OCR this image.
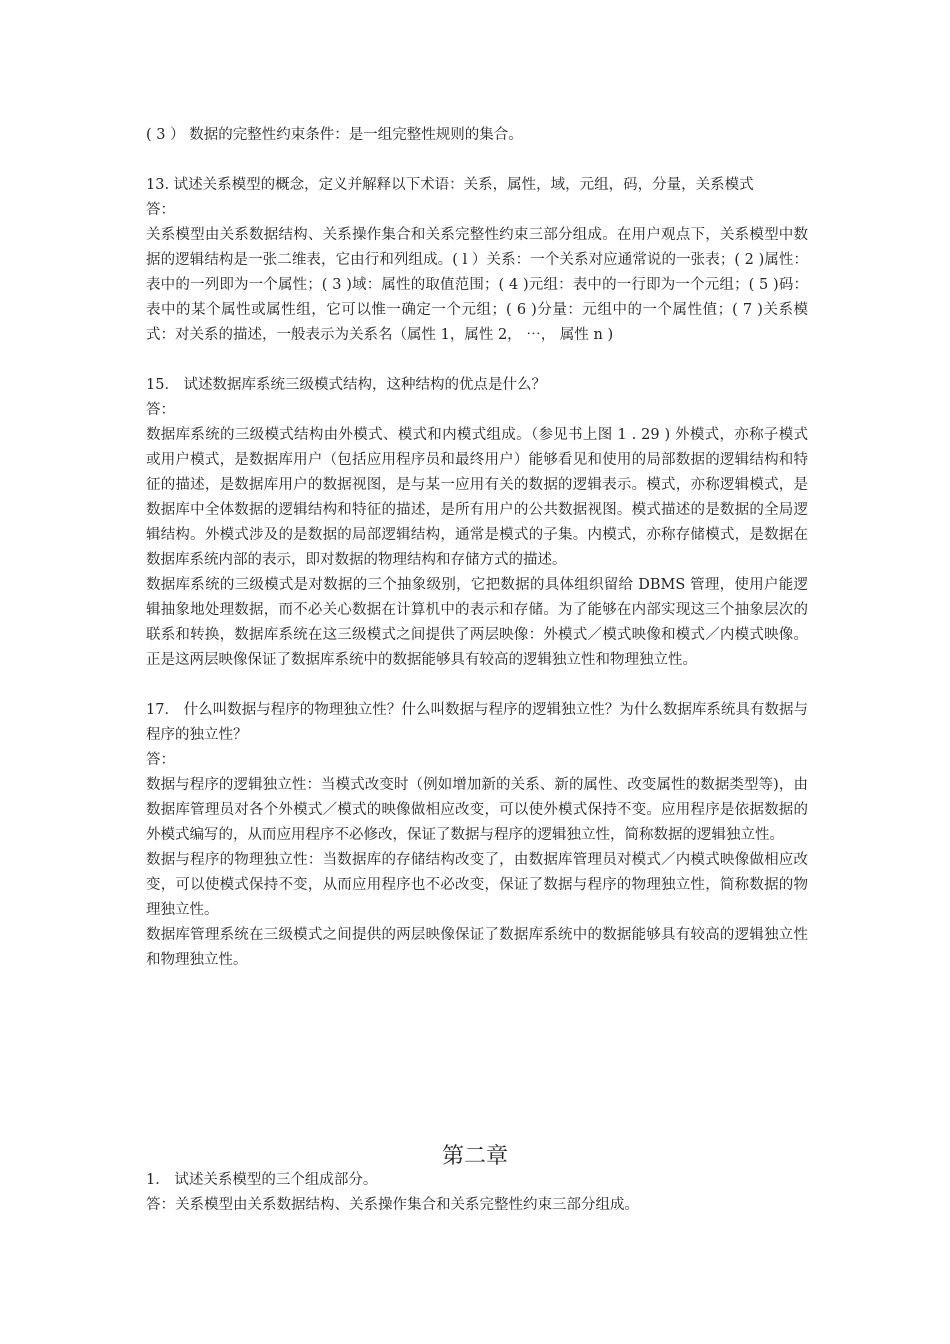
( 3 ） 数据的完整性约束条件：是一组完整性规则的集合。

13. 试述关系模型的概念，定义并解释以下术语：关系，属性，域，元组，码，分量，关系模式

答：

关系模型由关系数据结构、关系操作集合和关系完整性约束三部分组成。在用户观点下，关系模型中数据的逻辑结构是一张二维表，它由行和列组成。( l ）关系：一个关系对应通常说的一张表；( 2 )属性：表中的一列即为一个属性；( 3 )域：属性的取值范围；( 4 )元组：表中的一行即为一个元组；( 5 )码：表中的某个属性或属性组，它可以惟一确定一个元组；( 6 )分量：元组中的一个属性值；( 7 )关系模式：对关系的描述，一般表示为关系名（属性 1，属性 2， ⋯， 属性 n )

15． 试述数据库系统三级模式结构，这种结构的优点是什么？

答：

数据库系统的三级模式结构由外模式、模式和内模式组成。（参见书上图 1 . 29 ) 外模式，亦称子模式或用户模式，是数据库用户（包括应用程序员和最终用户）能够看见和使用的局部数据的逻辑结构和特征的描述，是数据库用户的数据视图，是与某一应用有关的数据的逻辑表示。模式，亦称逻辑模式，是数据库中全体数据的逻辑结构和特征的描述，是所有用户的公共数据视图。模式描述的是数据的全局逻辑结构。外模式涉及的是数据的局部逻辑结构，通常是模式的子集。内模式，亦称存储模式，是数据在数据库系统内部的表示，即对数据的物理结构和存储方式的描述。

数据库系统的三级模式是对数据的三个抽象级别，它把数据的具体组织留给 DBMS 管理，使用户能逻辑抽象地处理数据，而不必关心数据在计算机中的表示和存储。为了能够在内部实现这三个抽象层次的联系和转换，数据库系统在这三级模式之间提供了两层映像：外模式／模式映像和模式／内模式映像。正是这两层映像保证了数据库系统中的数据能够具有较高的逻辑独立性和物理独立性。

17． 什么叫数据与程序的物理独立性？什么叫数据与程序的逻辑独立性？为什么数据库系统具有数据与程序的独立性？

答：

数据与程序的逻辑独立性：当模式改变时（例如增加新的关系、新的属性、改变属性的数据类型等)，由数据库管理员对各个外模式／模式的映像做相应改变，可以使外模式保持不变。应用程序是依据数据的外模式编写的，从而应用程序不必修改，保证了数据与程序的逻辑独立性，简称数据的逻辑独立性。

数据与程序的物理独立性：当数据库的存储结构改变了，由数据库管理员对模式／内模式映像做相应改变，可以使模式保持不变，从而应用程序也不必改变，保证了数据与程序的物理独立性，简称数据的物理独立性。

数据库管理系统在三级模式之间提供的两层映像保证了数据库系统中的数据能够具有较高的逻辑独立性和物理独立性。

第二章

1． 试述关系模型的三个组成部分。

答：关系模型由关系数据结构、关系操作集合和关系完整性约束三部分组成。
